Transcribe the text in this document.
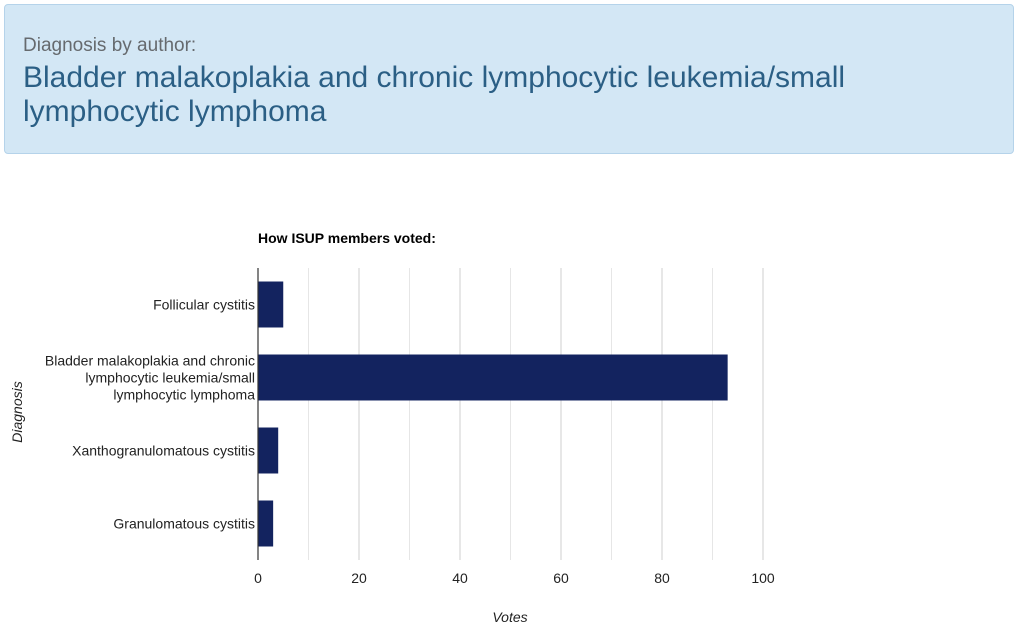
Diagnosis by author:
Bladder malakoplakia and chronic lymphocytic leukemia/small lymphocytic lymphoma
How ISUP members voted:
Follicular cystitis
Bladder malakoplakia and chronic
lymphocytic leukemia/small
lymphocytic lymphoma
Xanthogranulomatous cystitis
Granulomatous cystitis
0	20	40	60	80	100
Votes
Diagnosis
